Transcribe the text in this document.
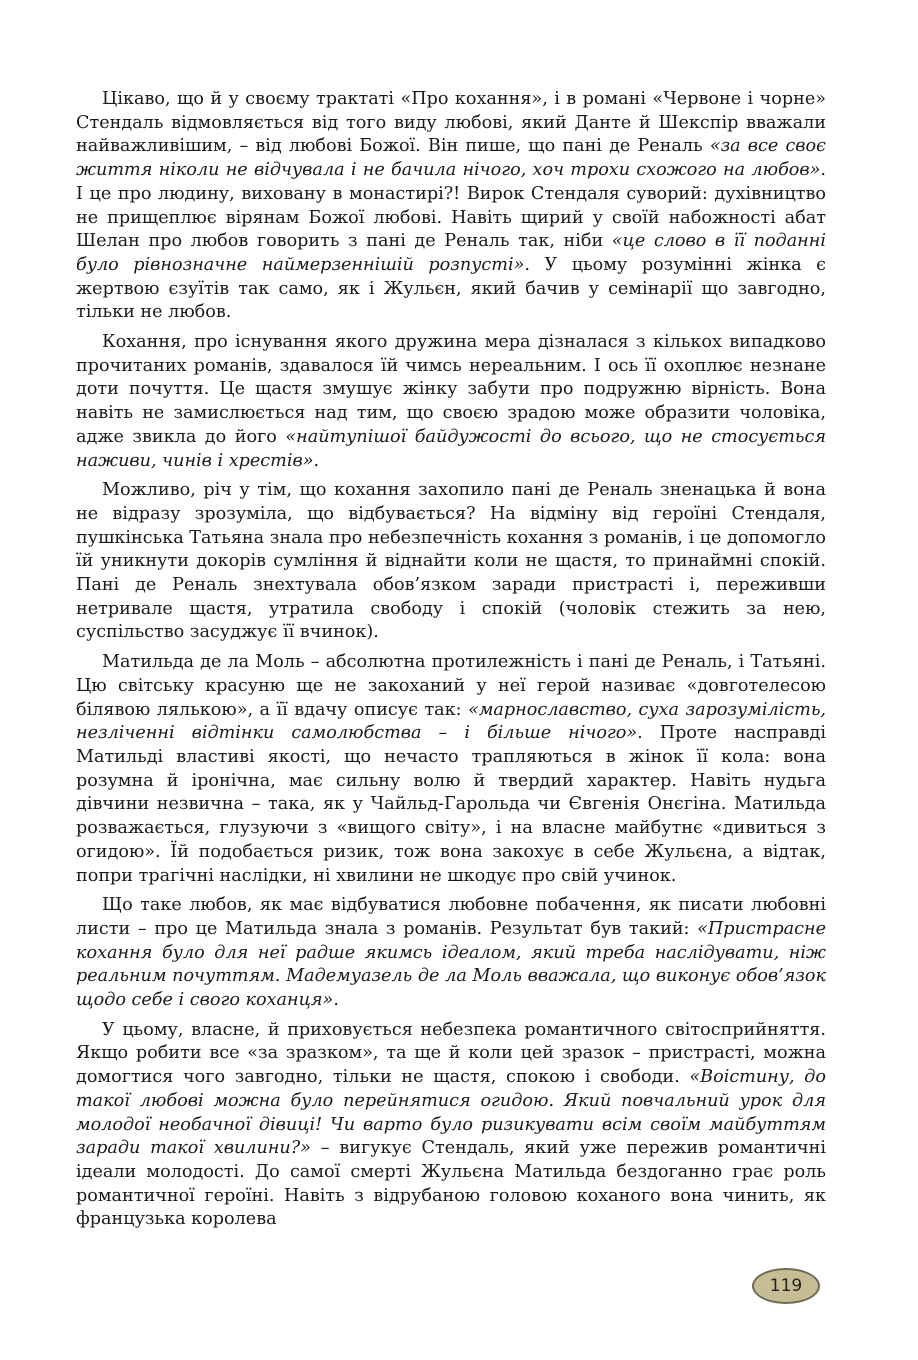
Цікаво, що й у своєму трактаті «Про кохання», і в романі «Червоне і чорне» Стендаль відмовляється від того виду любові, який Данте й Шекспір вважали найважливішим, – від любові Божої. Він пише, що пані де Реналь «за все своє життя ніколи не відчувала і не бачила нічого, хоч трохи схожого на любов». І це про людину, виховану в монастирі?! Вирок Стендаля суворий: духівництво не прищеплює вірянам Божої любові. Навіть щирий у своїй набожності абат Шелан про любов говорить з пані де Реналь так, ніби «це слово в її поданні було рівнозначне наймерзеннішій розпусті». У цьому розумінні жінка є жертвою єзуїтів так само, як і Жульєн, який бачив у семінарії що завгодно, тільки не любов.

Кохання, про існування якого дружина мера дізналася з кількох випадково прочитаних романів, здавалося їй чимсь нереальним. І ось її охоплює незнане доти почуття. Це щастя змушує жінку забути про подружню вірність. Вона навіть не замислюється над тим, що своєю зрадою може образити чоловіка, адже звикла до його «найтупішої байдужості до всього, що не стосується наживи, чинів і хрестів».

Можливо, річ у тім, що кохання захопило пані де Реналь зненацька й вона не відразу зрозуміла, що відбувається? На відміну від героїні Стендаля, пушкінська Татьяна знала про небезпечність кохання з романів, і це допомогло їй уникнути докорів сумління й віднайти коли не щастя, то принаймні спокій. Пані де Реналь знехтувала обов’язком заради пристрасті і, переживши нетривале щастя, утратила свободу і спокій (чоловік стежить за нею, суспільство засуджує її вчинок).

Матильда де ла Моль – абсолютна протилежність і пані де Реналь, і Татьяні. Цю світську красуню ще не закоханий у неї герой називає «довготелесою білявою лялькою», а її вдачу описує так: «марнославство, суха зарозумілість, незліченні відтінки самолюбства – і більше нічого». Проте насправді Матильді властиві якості, що нечасто трапляються в жінок її кола: вона розумна й іронічна, має сильну волю й твердий характер. Навіть нудьга дівчини незвична – така, як у Чайльд-Гарольда чи Євгенія Онєгіна. Матильда розважається, глузуючи з «вищого світу», і на власне майбутнє «дивиться з огидою». Їй подобається ризик, тож вона закохує в себе Жульєна, а відтак, попри трагічні наслідки, ні хвилини не шкодує про свій учинок.

Що таке любов, як має відбуватися любовне побачення, як писати любовні листи – про це Матильда знала з романів. Результат був такий: «Пристрасне кохання було для неї радше якимсь ідеалом, який треба наслідувати, ніж реальним почуттям. Мадемуазель де ла Моль вважала, що виконує обов’язок щодо себе і свого коханця».

У цьому, власне, й приховується небезпека романтичного світосприйняття. Якщо робити все «за зразком», та ще й коли цей зразок – пристрасті, можна домогтися чого завгодно, тільки не щастя, спокою і свободи. «Воістину, до такої любові можна було перейнятися огидою. Який повчальний урок для молодої необачної дівиці! Чи варто було ризикувати всім своїм майбуттям заради такої хвилини?» – вигукує Стендаль, який уже пережив романтичні ідеали молодості. До самої смерті Жульєна Матильда бездоганно грає роль романтичної героїні. Навіть з відрубаною головою коханого вона чинить, як французька королева

119
